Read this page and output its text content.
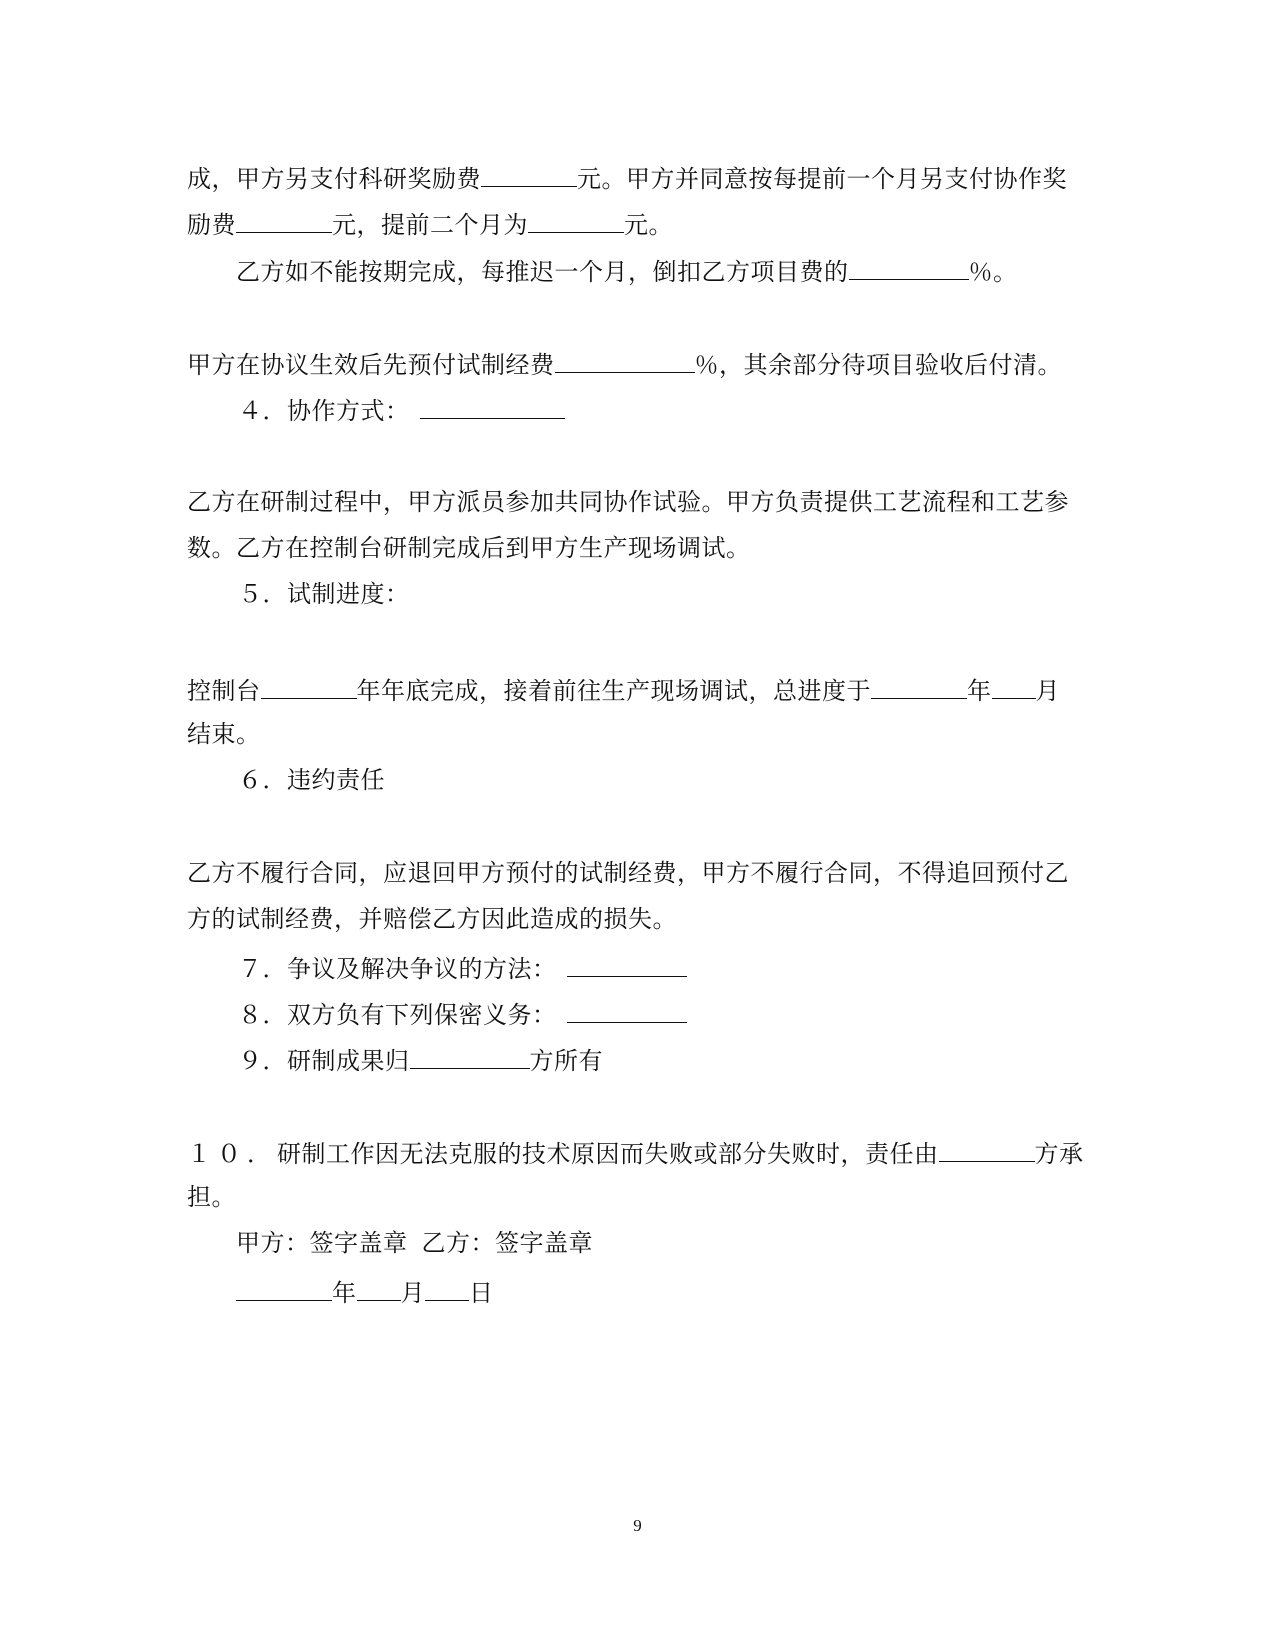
成，甲方另支付科研奖励费	元。甲方并同意按每提前一个月另支付协作奖
励费	元，提前二个月为	元。
乙方如不能按期完成，每推迟一个月，倒扣乙方项目费的	％。
甲方在协议生效后先预付试制经费	％，其余部分待项目验收后付清。
４．协作方式：
乙方在研制过程中，甲方派员参加共同协作试验。甲方负责提供工艺流程和工艺参
数。乙方在控制台研制完成后到甲方生产现场调试。
５．试制进度：
控制台	年年底完成，接着前往生产现场调试，总进度于	年 月
结束。
６．违约责任
乙方不履行合同，应退回甲方预付的试制经费，甲方不履行合同，不得追回预付乙
方的试制经费，并赔偿乙方因此造成的损失。
７．争议及解决争议的方法：
８．双方负有下列保密义务：
９．研制成果归	方所有
１０．研制工作因无法克服的技术原因而失败或部分失败时，责任由	方承
担。
甲方：签字盖章 乙方：签字盖章
年 月 日
9
